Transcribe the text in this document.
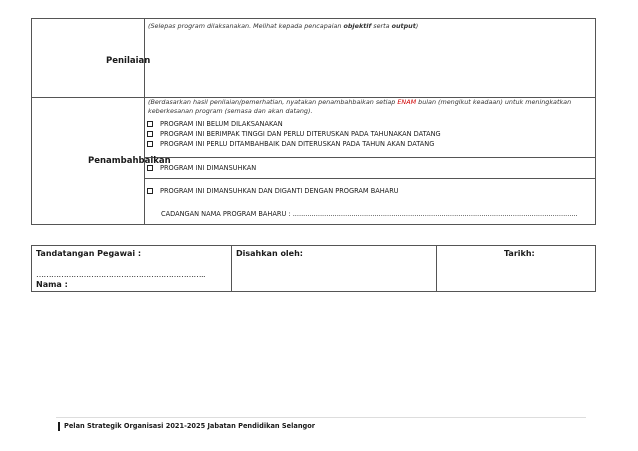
Penilaian
(Selepas program dilaksanakan. Melihat kepada pencapaian objektif serta output)
Penambahbaikan
(Berdasarkan hasil penilaian/pemerhatian, nyatakan penambahbaikan setiap ENAM bulan (mengikut keadaan) untuk meningkatkan
keberkesanan program (semasa dan akan datang).
PROGRAM INI BELUM DILAKSANAKAN
PROGRAM INI BERIMPAK TINGGI DAN PERLU DITERUSKAN PADA TAHUNAKAN DATANG
PROGRAM INI PERLU DITAMBAHBAIK DAN DITERUSKAN PADA TAHUN AKAN DATANG
PROGRAM INI DIMANSUHKAN
PROGRAM INI DIMANSUHKAN DAN DIGANTI DENGAN PROGRAM BAHARU
CADANGAN NAMA PROGRAM BAHARU : ........................................................................................................................................
Tandatangan Pegawai :
…………………………………………………………..
Nama :
Disahkan oleh:	Tarikh:
Pelan Strategik Organisasi 2021-2025 Jabatan Pendidikan Selangor
